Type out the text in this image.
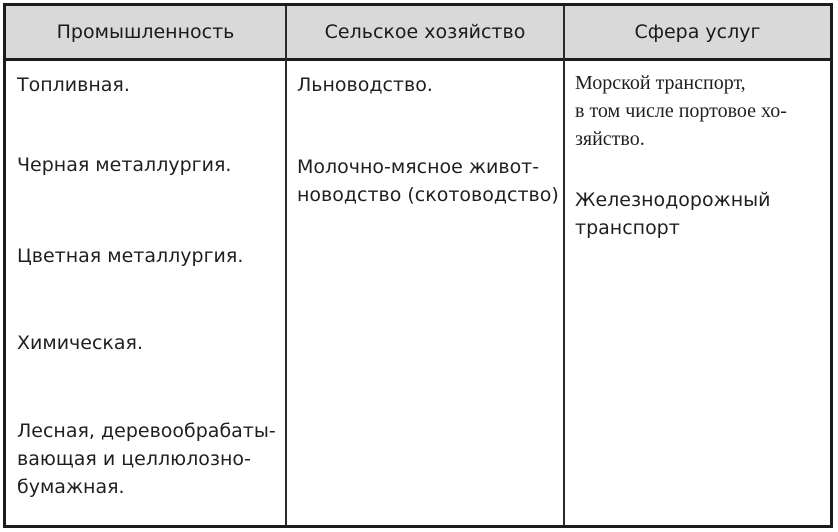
Промышленность	Сельское хозяйство	Сфера услуг
Топливная.
Черная металлургия.
Цветная металлургия.
Химическая.
Лесная, деревообрабаты-
вающая и целлюлозно-
бумажная.
Льноводство.
Молочно-мясное живот-
новодство (скотоводство)
Морской транспорт,
в том числе портовое хо-
зяйство.
Железнодорожный
транспорт
